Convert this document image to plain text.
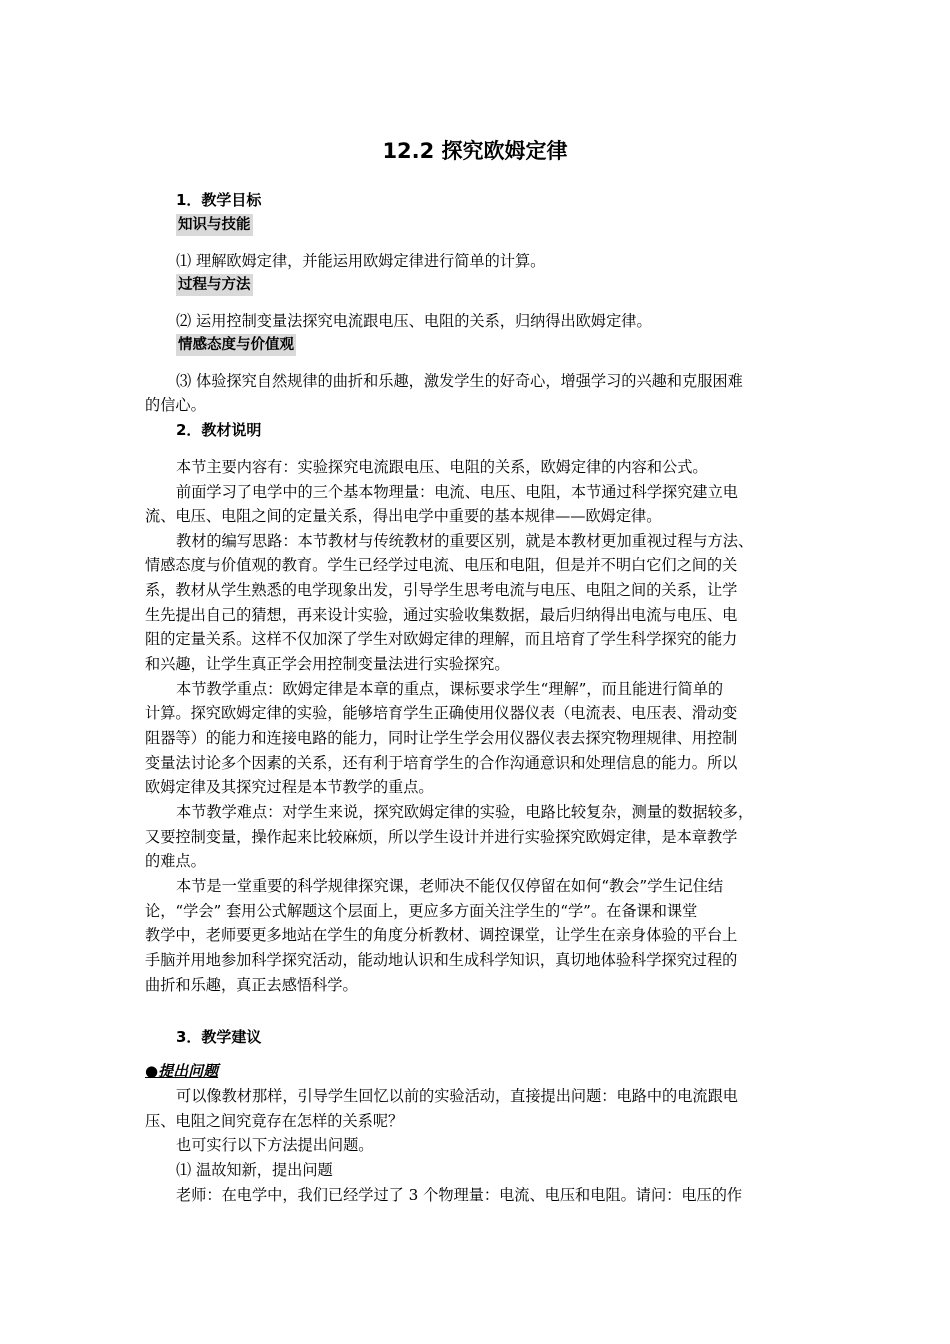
12.2 探究欧姆定律
1．教学目标
知识与技能
⑴ 理解欧姆定律，并能运用欧姆定律进行简单的计算。
过程与方法
⑵ 运用控制变量法探究电流跟电压、电阻的关系，归纳得出欧姆定律。
情感态度与价值观
⑶ 体验探究自然规律的曲折和乐趣，激发学生的好奇心，增强学习的兴趣和克服困难
的信心。
2．教材说明
本节主要内容有：实验探究电流跟电压、电阻的关系，欧姆定律的内容和公式。
前面学习了电学中的三个基本物理量：电流、电压、电阻，本节通过科学探究建立电
流、电压、电阻之间的定量关系，得出电学中重要的基本规律——欧姆定律。
教材的编写思路：本节教材与传统教材的重要区别，就是本教材更加重视过程与方法、
情感态度与价值观的教育。学生已经学过电流、电压和电阻，但是并不明白它们之间的关
系，教材从学生熟悉的电学现象出发，引导学生思考电流与电压、电阻之间的关系，让学
生先提出自己的猜想，再来设计实验，通过实验收集数据，最后归纳得出电流与电压、电
阻的定量关系。这样不仅加深了学生对欧姆定律的理解，而且培育了学生科学探究的能力
和兴趣，让学生真正学会用控制变量法进行实验探究。
本节教学重点：欧姆定律是本章的重点，课标要求学生“理解”，而且能进行简单的
计算。探究欧姆定律的实验，能够培育学生正确使用仪器仪表（电流表、电压表、滑动变
阻器等）的能力和连接电路的能力，同时让学生学会用仪器仪表去探究物理规律、用控制
变量法讨论多个因素的关系，还有利于培育学生的合作沟通意识和处理信息的能力。所以
欧姆定律及其探究过程是本节教学的重点。
本节教学难点：对学生来说，探究欧姆定律的实验，电路比较复杂，测量的数据较多，
又要控制变量，操作起来比较麻烦，所以学生设计并进行实验探究欧姆定律，是本章教学
的难点。
本节是一堂重要的科学规律探究课，老师决不能仅仅停留在如何“教会”学生记住结
论，“学会” 套用公式解题这个层面上，更应多方面关注学生的“学”。在备课和课堂
教学中，老师要更多地站在学生的角度分析教材、调控课堂，让学生在亲身体验的平台上
手脑并用地参加科学探究活动，能动地认识和生成科学知识，真切地体验科学探究过程的
曲折和乐趣，真正去感悟科学。
3．教学建议
●提出问题
可以像教材那样，引导学生回忆以前的实验活动，直接提出问题：电路中的电流跟电
压、电阻之间究竟存在怎样的关系呢？
也可实行以下方法提出问题。
⑴ 温故知新，提出问题
老师：在电学中，我们已经学过了 3 个物理量：电流、电压和电阻。请问：电压的作
